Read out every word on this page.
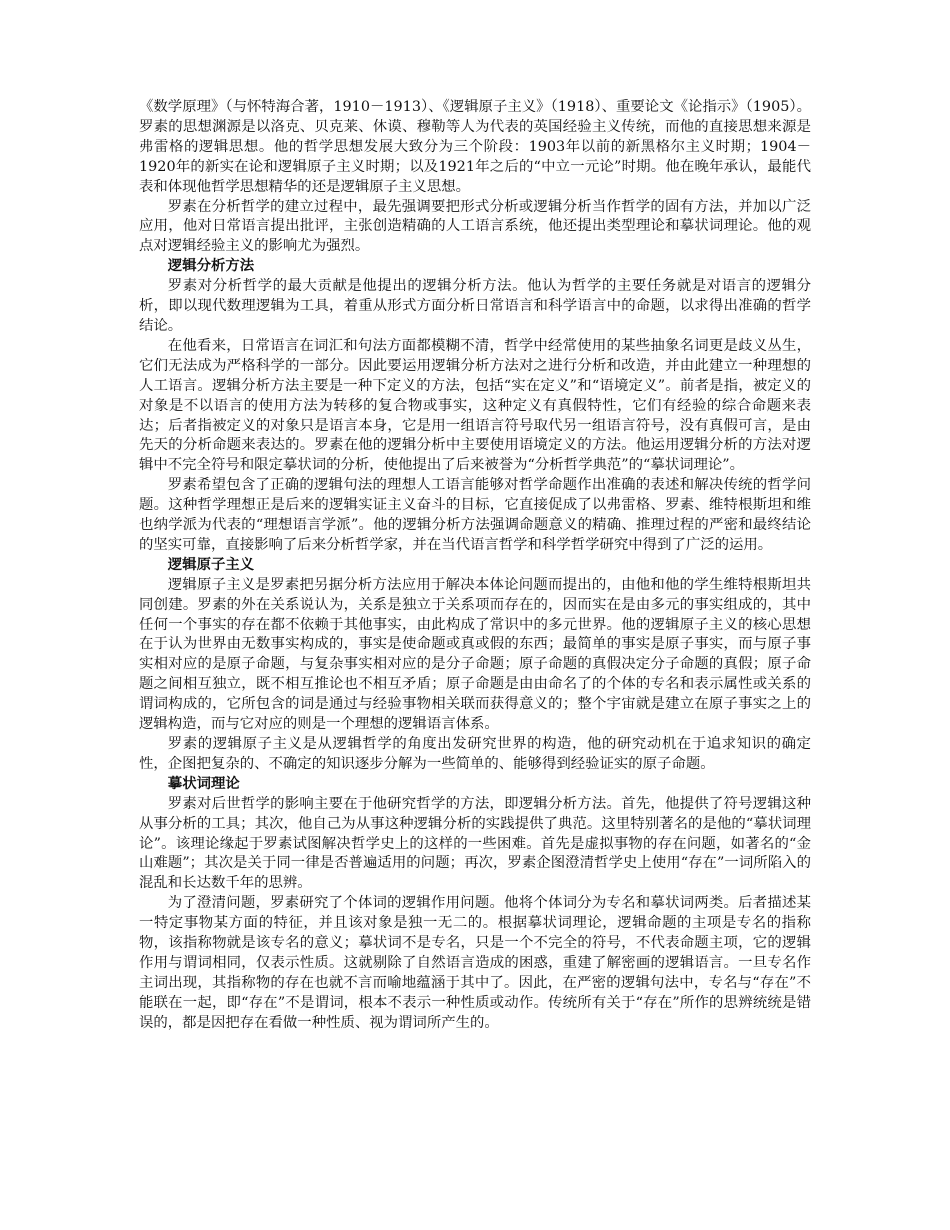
《数学原理》（与怀特海合著，1910－1913）、《逻辑原子主义》（1918）、重要论文《论指示》（1905）。罗素的思想渊源是以洛克、贝克莱、休谟、穆勒等人为代表的英国经验主义传统，而他的直接思想来源是弗雷格的逻辑思想。他的哲学思想发展大致分为三个阶段：1903年以前的新黑格尔主义时期；1904－1920年的新实在论和逻辑原子主义时期；以及1921年之后的“中立一元论”时期。他在晚年承认，最能代表和体现他哲学思想精华的还是逻辑原子主义思想。

罗素在分析哲学的建立过程中，最先强调要把形式分析或逻辑分析当作哲学的固有方法，并加以广泛应用，他对日常语言提出批评，主张创造精确的人工语言系统，他还提出类型理论和摹状词理论。他的观点对逻辑经验主义的影响尤为强烈。

逻辑分析方法

罗素对分析哲学的最大贡献是他提出的逻辑分析方法。他认为哲学的主要任务就是对语言的逻辑分析，即以现代数理逻辑为工具，着重从形式方面分析日常语言和科学语言中的命题，以求得出准确的哲学结论。

在他看来，日常语言在词汇和句法方面都模糊不清，哲学中经常使用的某些抽象名词更是歧义丛生，它们无法成为严格科学的一部分。因此要运用逻辑分析方法对之进行分析和改造，并由此建立一种理想的人工语言。逻辑分析方法主要是一种下定义的方法，包括“实在定义”和“语境定义”。前者是指，被定义的对象是不以语言的使用方法为转移的复合物或事实，这种定义有真假特性，它们有经验的综合命题来表达；后者指被定义的对象只是语言本身，它是用一组语言符号取代另一组语言符号，没有真假可言，是由先天的分析命题来表达的。罗素在他的逻辑分析中主要使用语境定义的方法。他运用逻辑分析的方法对逻辑中不完全符号和限定摹状词的分析，使他提出了后来被誉为“分析哲学典范”的“摹状词理论”。

罗素希望包含了正确的逻辑句法的理想人工语言能够对哲学命题作出准确的表述和解决传统的哲学问题。这种哲学理想正是后来的逻辑实证主义奋斗的目标，它直接促成了以弗雷格、罗素、维特根斯坦和维也纳学派为代表的“理想语言学派”。他的逻辑分析方法强调命题意义的精确、推理过程的严密和最终结论的坚实可靠，直接影响了后来分析哲学家，并在当代语言哲学和科学哲学研究中得到了广泛的运用。

逻辑原子主义

逻辑原子主义是罗素把另据分析方法应用于解决本体论问题而提出的，由他和他的学生维特根斯坦共同创建。罗素的外在关系说认为，关系是独立于关系项而存在的，因而实在是由多元的事实组成的，其中任何一个事实的存在都不依赖于其他事实，由此构成了常识中的多元世界。他的逻辑原子主义的核心思想在于认为世界由无数事实构成的，事实是使命题或真或假的东西；最简单的事实是原子事实，而与原子事实相对应的是原子命题，与复杂事实相对应的是分子命题；原子命题的真假决定分子命题的真假；原子命题之间相互独立，既不相互推论也不相互矛盾；原子命题是由由命名了的个体的专名和表示属性或关系的谓词构成的，它所包含的词是通过与经验事物相关联而获得意义的；整个宇宙就是建立在原子事实之上的逻辑构造，而与它对应的则是一个理想的逻辑语言体系。

罗素的逻辑原子主义是从逻辑哲学的角度出发研究世界的构造，他的研究动机在于追求知识的确定性，企图把复杂的、不确定的知识逐步分解为一些简单的、能够得到经验证实的原子命题。

摹状词理论

罗素对后世哲学的影响主要在于他研究哲学的方法，即逻辑分析方法。首先，他提供了符号逻辑这种从事分析的工具；其次，他自己为从事这种逻辑分析的实践提供了典范。这里特别著名的是他的“摹状词理论”。该理论缘起于罗素试图解决哲学史上的这样的一些困难。首先是虚拟事物的存在问题，如著名的“金山难题”；其次是关于同一律是否普遍适用的问题；再次，罗素企图澄清哲学史上使用“存在”一词所陷入的混乱和长达数千年的思辨。

为了澄清问题，罗素研究了个体词的逻辑作用问题。他将个体词分为专名和摹状词两类。后者描述某一特定事物某方面的特征，并且该对象是独一无二的。根据摹状词理论，逻辑命题的主项是专名的指称物，该指称物就是该专名的意义；摹状词不是专名，只是一个不完全的符号，不代表命题主项，它的逻辑作用与谓词相同，仅表示性质。这就剔除了自然语言造成的困惑，重建了解密画的逻辑语言。一旦专名作主词出现，其指称物的存在也就不言而喻地蕴涵于其中了。因此，在严密的逻辑句法中，专名与“存在”不能联在一起，即“存在”不是谓词，根本不表示一种性质或动作。传统所有关于“存在”所作的思辨统统是错误的，都是因把存在看做一种性质、视为谓词所产生的。
